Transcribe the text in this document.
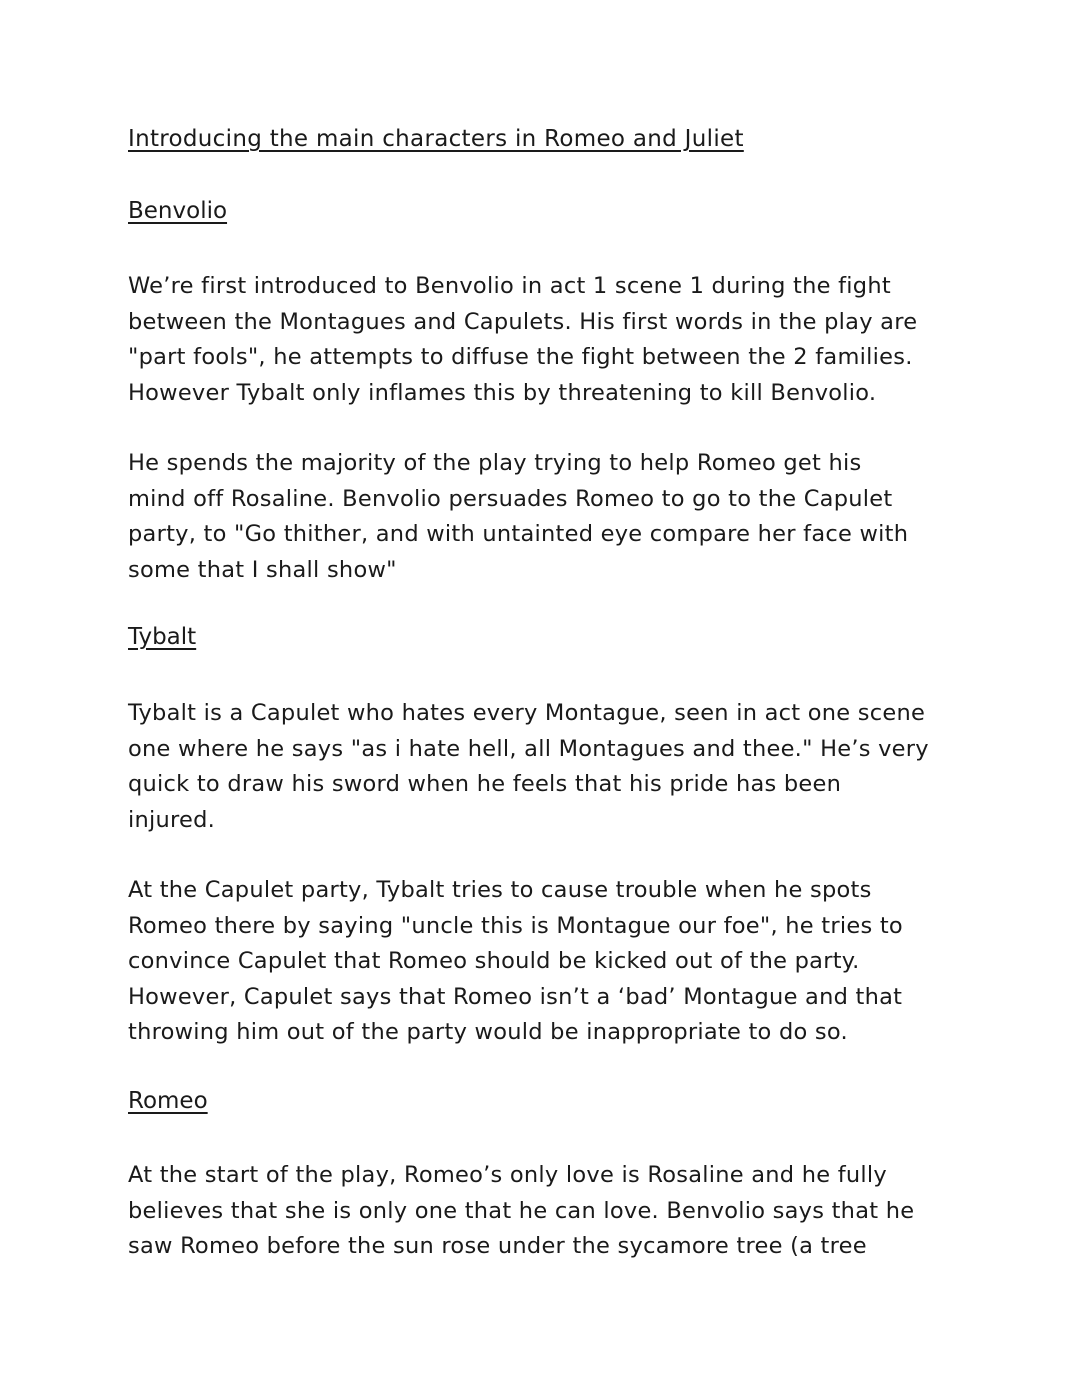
Introducing the main characters in Romeo and Juliet
Benvolio

We’re first introduced to Benvolio in act 1 scene 1 during the fight
between the Montagues and Capulets. His first words in the play are
"part fools", he attempts to diffuse the fight between the 2 families.
However Tybalt only inflames this by threatening to kill Benvolio.

He spends the majority of the play trying to help Romeo get his
mind off Rosaline. Benvolio persuades Romeo to go to the Capulet
party, to "Go thither, and with untainted eye compare her face with
some that I shall show"

Tybalt

Tybalt is a Capulet who hates every Montague, seen in act one scene
one where he says "as i hate hell, all Montagues and thee." He’s very
quick to draw his sword when he feels that his pride has been
injured.

At the Capulet party, Tybalt tries to cause trouble when he spots
Romeo there by saying "uncle this is Montague our foe", he tries to
convince Capulet that Romeo should be kicked out of the party.
However, Capulet says that Romeo isn’t a ‘bad’ Montague and that
throwing him out of the party would be inappropriate to do so.

Romeo

At the start of the play, Romeo’s only love is Rosaline and he fully
believes that she is only one that he can love. Benvolio says that he
saw Romeo before the sun rose under the sycamore tree (a tree
